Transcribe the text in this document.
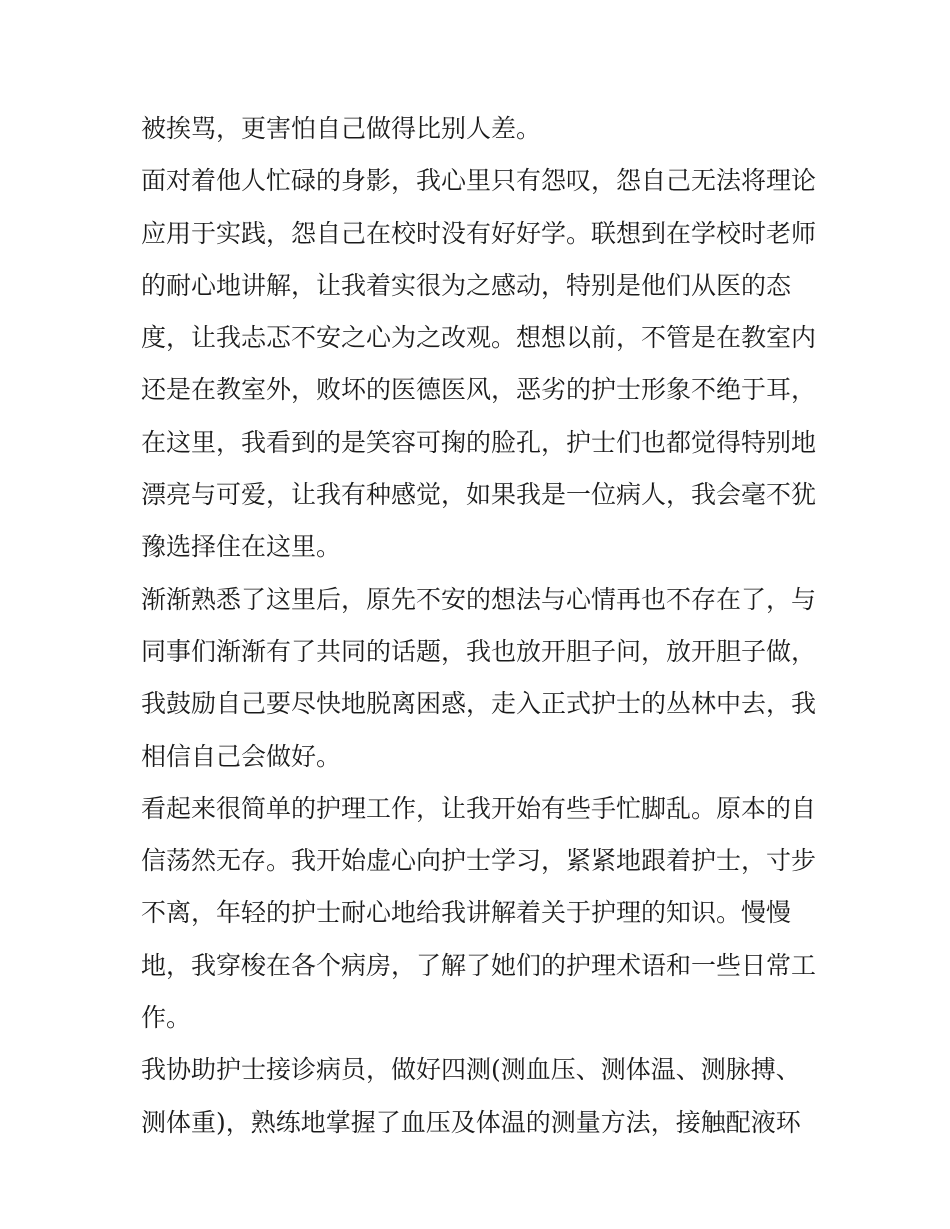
被挨骂，更害怕自己做得比别人差。
面对着他人忙碌的身影，我心里只有怨叹，怨自己无法将理论
应用于实践，怨自己在校时没有好好学。联想到在学校时老师
的耐心地讲解，让我着实很为之感动，特别是他们从医的态
度，让我忐忑不安之心为之改观。想想以前，不管是在教室内
还是在教室外，败坏的医德医风，恶劣的护士形象不绝于耳，
在这里，我看到的是笑容可掬的脸孔，护士们也都觉得特别地
漂亮与可爱，让我有种感觉，如果我是一位病人，我会毫不犹
豫选择住在这里。
渐渐熟悉了这里后，原先不安的想法与心情再也不存在了，与
同事们渐渐有了共同的话题，我也放开胆子问，放开胆子做，
我鼓励自己要尽快地脱离困惑，走入正式护士的丛林中去，我
相信自己会做好。
看起来很简单的护理工作，让我开始有些手忙脚乱。原本的自
信荡然无存。我开始虚心向护士学习，紧紧地跟着护士，寸步
不离，年轻的护士耐心地给我讲解着关于护理的知识。慢慢
地，我穿梭在各个病房，了解了她们的护理术语和一些日常工
作。
我协助护士接诊病员，做好四测(测血压、测体温、测脉搏、
测体重)，熟练地掌握了血压及体温的测量方法，接触配液环
